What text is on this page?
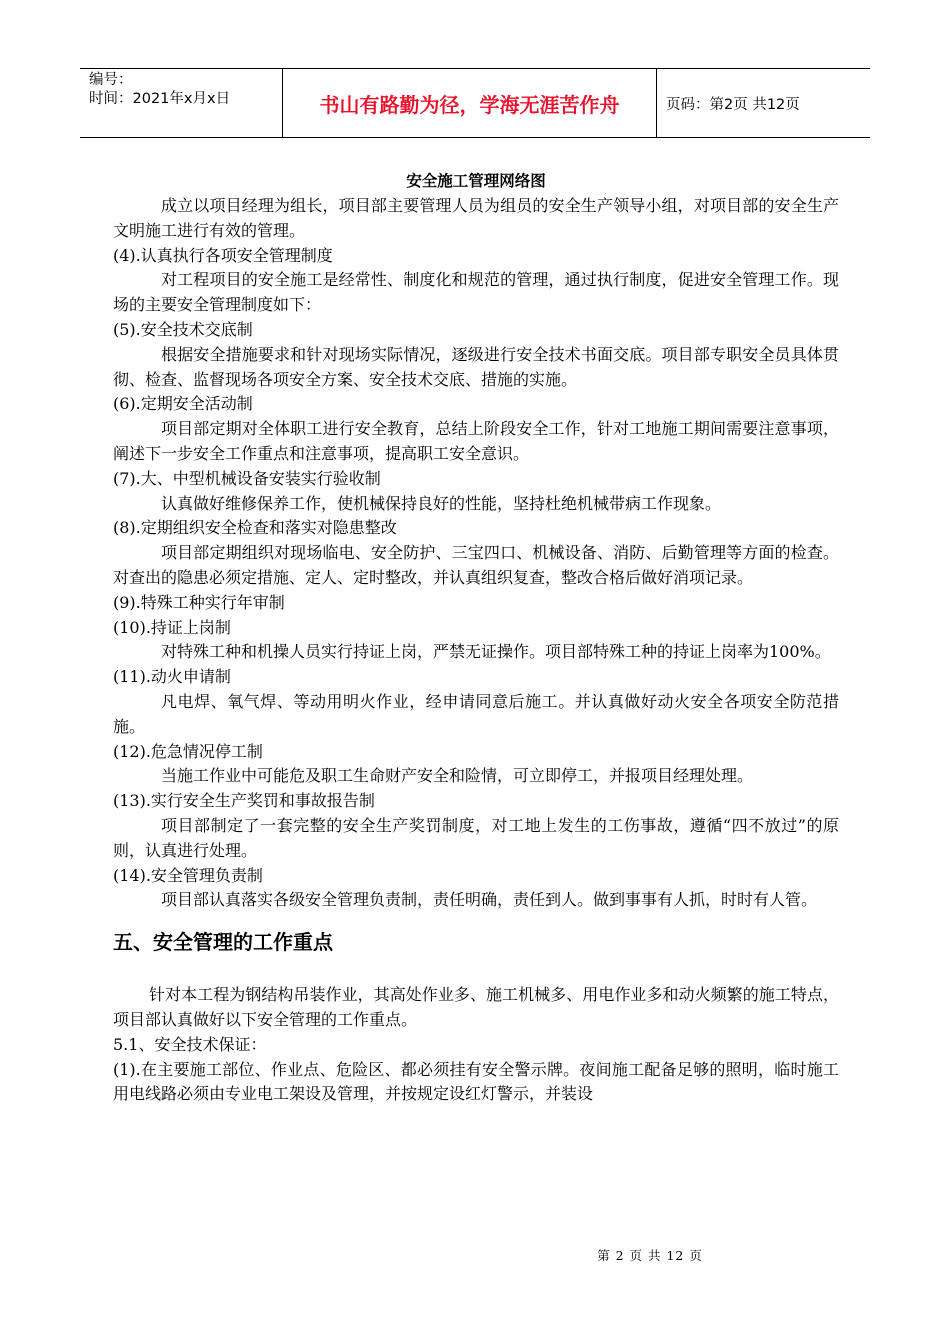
编号：
时间：2021年x月x日	书山有路勤为径，学海无涯苦作舟	页码：第2页 共12页
安全施工管理网络图

成立以项目经理为组长，项目部主要管理人员为组员的安全生产领导小组，对项目部的安全生产文明施工进行有效的管理。

(4).认真执行各项安全管理制度

对工程项目的安全施工是经常性、制度化和规范的管理，通过执行制度，促进安全管理工作。现场的主要安全管理制度如下：

(5).安全技术交底制

根据安全措施要求和针对现场实际情况，逐级进行安全技术书面交底。项目部专职安全员具体贯彻、检查、监督现场各项安全方案、安全技术交底、措施的实施。

(6).定期安全活动制

项目部定期对全体职工进行安全教育，总结上阶段安全工作，针对工地施工期间需要注意事项，阐述下一步安全工作重点和注意事项，提高职工安全意识。

(7).大、中型机械设备安装实行验收制

认真做好维修保养工作，使机械保持良好的性能，坚持杜绝机械带病工作现象。

(8).定期组织安全检查和落实对隐患整改

项目部定期组织对现场临电、安全防护、三宝四口、机械设备、消防、后勤管理等方面的检查。对查出的隐患必须定措施、定人、定时整改，并认真组织复查，整改合格后做好消项记录。

(9).特殊工种实行年审制

(10).持证上岗制

对特殊工种和机操人员实行持证上岗，严禁无证操作。项目部特殊工种的持证上岗率为100%。

(11).动火申请制

凡电焊、氧气焊、等动用明火作业，经申请同意后施工。并认真做好动火安全各项安全防范措施。

(12).危急情况停工制

当施工作业中可能危及职工生命财产安全和险情，可立即停工，并报项目经理处理。

(13).实行安全生产奖罚和事故报告制

项目部制定了一套完整的安全生产奖罚制度，对工地上发生的工伤事故，遵循“四不放过”的原则，认真进行处理。

(14).安全管理负责制

项目部认真落实各级安全管理负责制，责任明确，责任到人。做到事事有人抓，时时有人管。

五、安全管理的工作重点

针对本工程为钢结构吊装作业，其高处作业多、施工机械多、用电作业多和动火频繁的施工特点，项目部认真做好以下安全管理的工作重点。

5.1、安全技术保证：

(1).在主要施工部位、作业点、危险区、都必须挂有安全警示牌。夜间施工配备足够的照明，临时施工用电线路必须由专业电工架设及管理，并按规定设红灯警示，并装设

第 2 页 共 12 页
